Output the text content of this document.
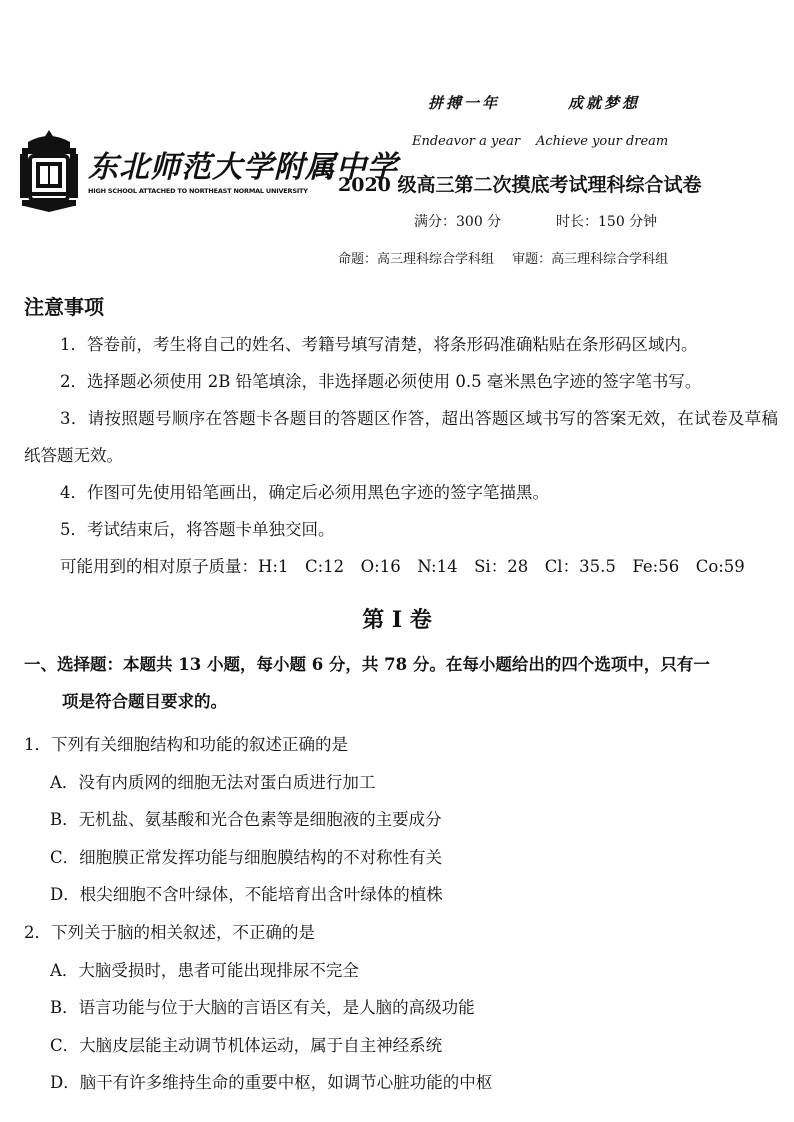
拼搏一年	成就梦想
Endeavor a year Achieve your dream
东北师范大学附属中学
HIGH SCHOOL ATTACHED TO NORTHEAST NORMAL UNIVERSITY 2020 级高三第二次摸底考试理科综合试卷
满分：300 分	时长：150 分钟
命题：高三理科综合学科组 审题：高三理科综合学科组
注意事项

1．答卷前，考生将自己的姓名、考籍号填写清楚，将条形码准确粘贴在条形码区域内。

2．选择题必须使用 2B 铅笔填涂，非选择题必须使用 0.5 毫米黑色字迹的签字笔书写。

3．请按照题号顺序在答题卡各题目的答题区作答，超出答题区域书写的答案无效，在试卷及草稿纸答题无效。

4．作图可先使用铅笔画出，确定后必须用黑色字迹的签字笔描黑。

5．考试结束后，将答题卡单独交回。

可能用到的相对原子质量：H:1　C:12　O:16　N:14　Si：28　Cl：35.5　Fe:56　Co:59

第 I 卷
一、选择题：本题共 13 小题，每小题 6 分，共 78 分。在每小题给出的四个选项中，只有一
项是符合题目要求的。

1．下列有关细胞结构和功能的叙述正确的是

A．没有内质网的细胞无法对蛋白质进行加工

B．无机盐、氨基酸和光合色素等是细胞液的主要成分

C．细胞膜正常发挥功能与细胞膜结构的不对称性有关

D．根尖细胞不含叶绿体，不能培育出含叶绿体的植株

2．下列关于脑的相关叙述，不正确的是

A．大脑受损时，患者可能出现排尿不完全

B．语言功能与位于大脑的言语区有关，是人脑的高级功能

C．大脑皮层能主动调节机体运动，属于自主神经系统

D．脑干有许多维持生命的重要中枢，如调节心脏功能的中枢
